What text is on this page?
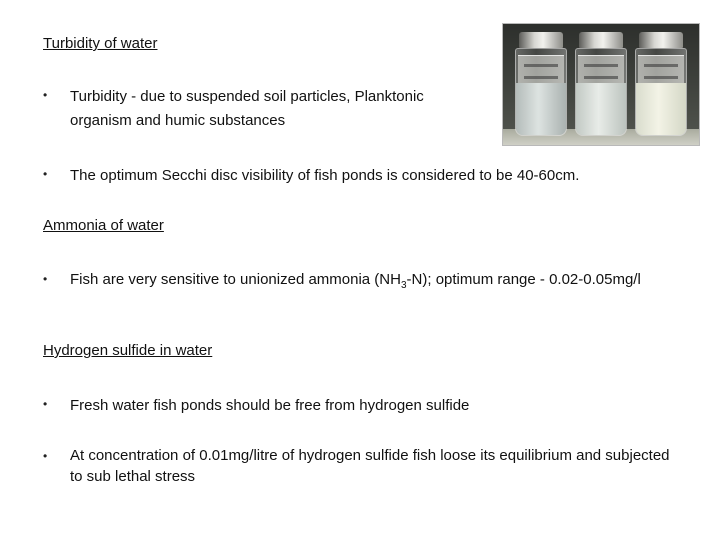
Turbidity of water
• Turbidity - due to suspended soil particles, Planktonic
organism and humic substances
• The optimum Secchi disc visibility of fish ponds is considered to be 40-60cm.
Ammonia of water
• Fish are very sensitive to unionized ammonia $(NH_3-N)$; optimum range - 0.02-0.05mg/l
Hydrogen sulfide in water
• Fresh water fish ponds should be free from hydrogen sulfide
• At concentration of 0.01mg/litre of hydrogen sulfide fish loose its equilibrium and subjected to sub lethal stress
